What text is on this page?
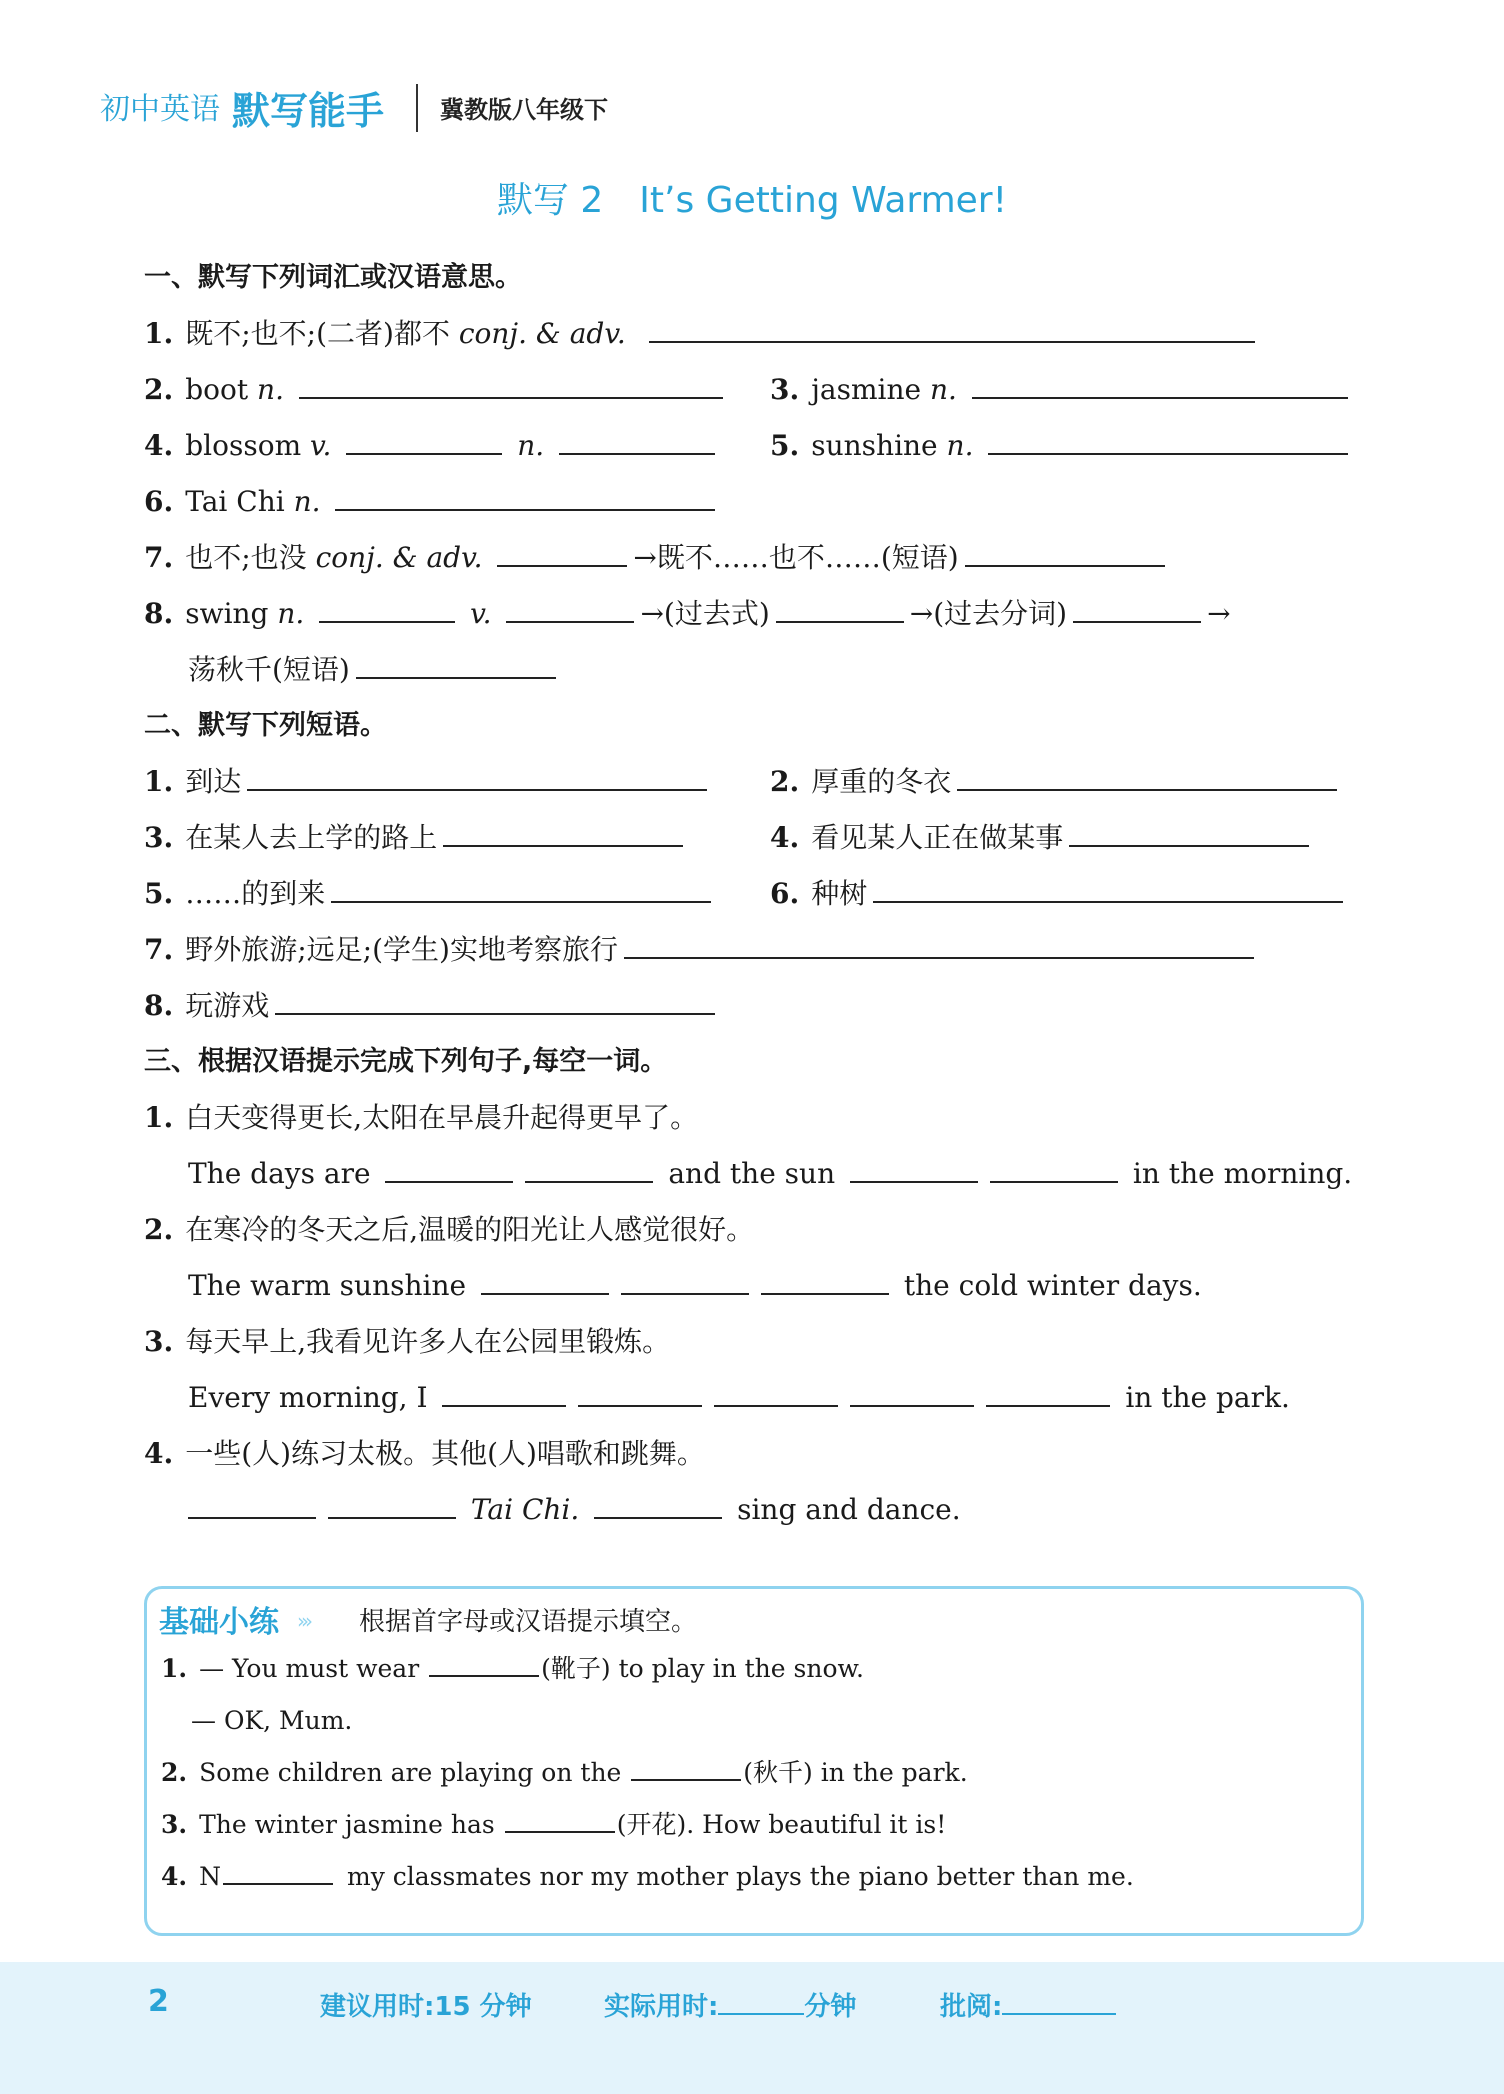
初中英语 默写能手 冀教版八年级下
默写 2　It’s Getting Warmer!
一、默写下列词汇或汉语意思。
1. 既不;也不;(二者)都不 conj. & adv.
2. boot n.	3. jasmine n.
4. blossom v.	n.	5. sunshine n.
6. Tai Chi n.
7. 也不;也没 conj. & adv.	→既不……也不……(短语)
8. swing n.	v.	→(过去式)	→(过去分词)	→
荡秋千(短语)
二、默写下列短语。
1. 到达	2. 厚重的冬衣
3. 在某人去上学的路上	4. 看见某人正在做某事
5. ……的到来	6. 种树
7. 野外旅游;远足;(学生)实地考察旅行
8. 玩游戏
三、根据汉语提示完成下列句子,每空一词。
1. 白天变得更长,太阳在早晨升起得更早了。
The days are	and the sun	in the morning.
2. 在寒冷的冬天之后,温暖的阳光让人感觉很好。
The warm sunshine	the cold winter days.
3. 每天早上,我看见许多人在公园里锻炼。
Every morning, I	in the park.
4. 一些(人)练习太极。其他(人)唱歌和跳舞。
Tai Chi.	sing and dance.
基础小练 ››› 根据首字母或汉语提示填空。
1. — You must wear	(靴子) to play in the snow.
— OK, Mum.
2. Some children are playing on the	(秋千) in the park.
3. The winter jasmine has	(开花). How beautiful it is!
4. N	my classmates nor my mother plays the piano better than me.
2	建议用时:15 分钟	实际用时:	分钟	批阅:
